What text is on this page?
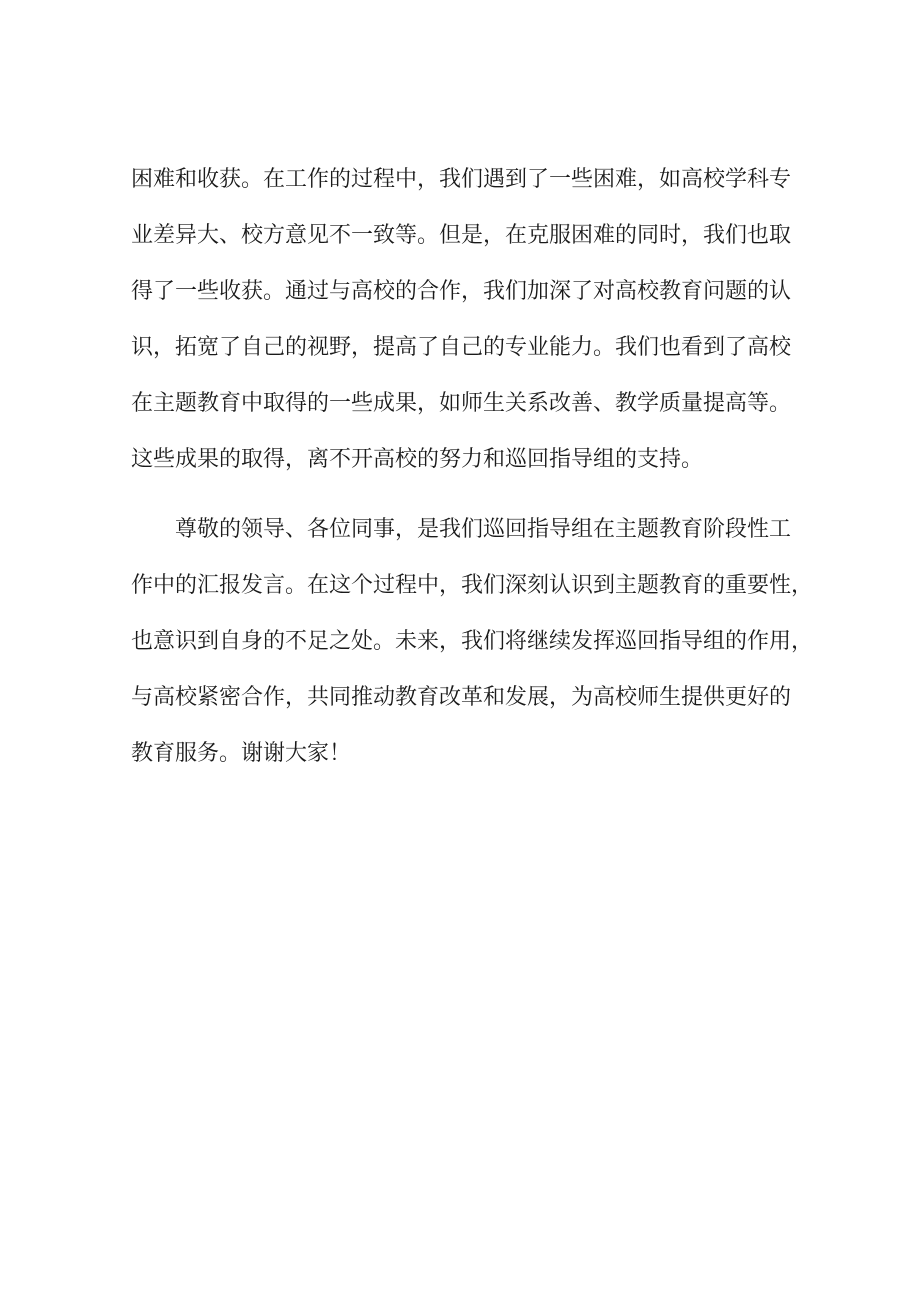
困难和收获。在工作的过程中，我们遇到了一些困难，如高校学科专
业差异大、校方意见不一致等。但是，在克服困难的同时，我们也取
得了一些收获。通过与高校的合作，我们加深了对高校教育问题的认
识，拓宽了自己的视野，提高了自己的专业能力。我们也看到了高校
在主题教育中取得的一些成果，如师生关系改善、教学质量提高等。
这些成果的取得，离不开高校的努力和巡回指导组的支持。
尊敬的领导、各位同事，是我们巡回指导组在主题教育阶段性工
作中的汇报发言。在这个过程中，我们深刻认识到主题教育的重要性，
也意识到自身的不足之处。未来，我们将继续发挥巡回指导组的作用，
与高校紧密合作，共同推动教育改革和发展，为高校师生提供更好的
教育服务。谢谢大家！
